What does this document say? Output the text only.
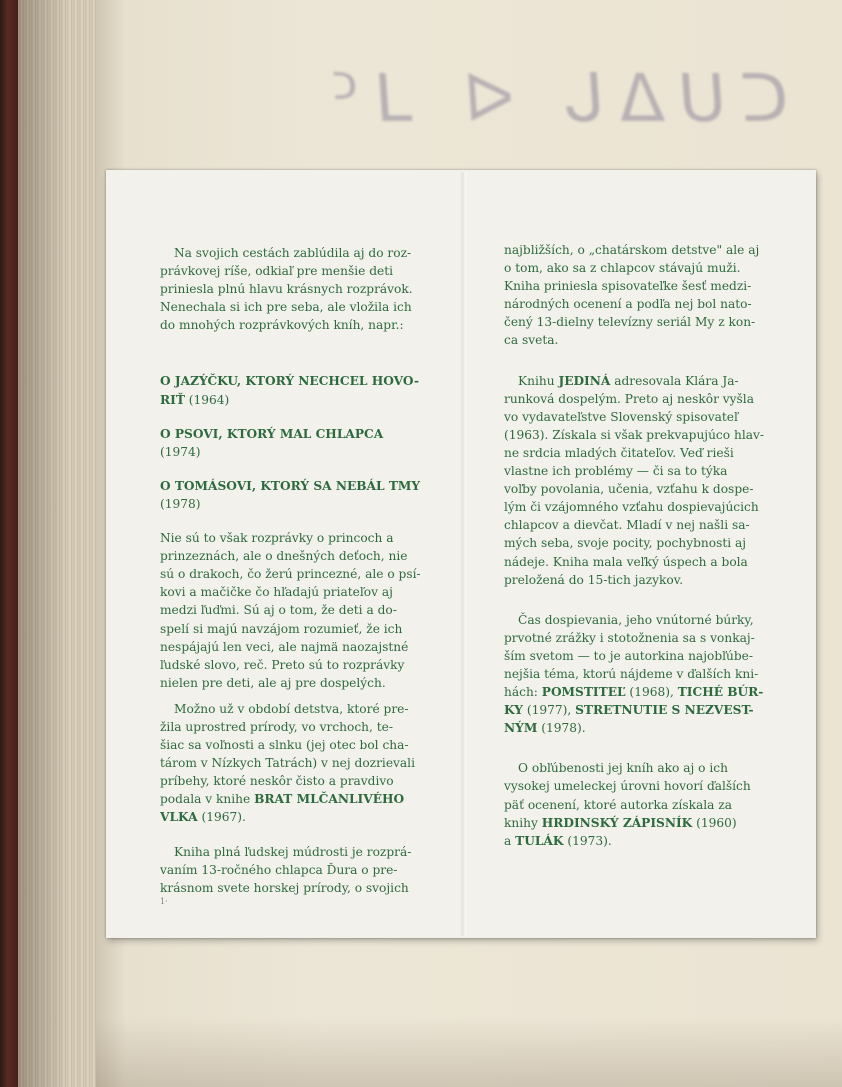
ᑕᑌᐃᒐ ᐊ ᒧᑦ

Na svojich cestách zablúdila aj do roz-

právkovej ríše, odkiaľ pre menšie deti

priniesla plnú hlavu krásnych rozprávok.

Nenechala si ich pre seba, ale vložila ich

do mnohých rozprávkových kníh, napr.:

O JAZÝČKU, KTORÝ NECHCEL HOVO-

RIŤ (1964)

O PSOVI, KTORÝ MAL CHLAPCA

(1974)

O TOMÁSOVI, KTORÝ SA NEBÁL TMY

(1978)

Nie sú to však rozprávky o princoch a

prinzeznách, ale o dnešných deťoch, nie

sú o drakoch, čo žerú princezné, ale o psí-

kovi a mačičke čo hľadajú priateľov aj

medzi ľuďmi. Sú aj o tom, že deti a do-

spelí si majú navzájom rozumieť, že ich

nespájajú len veci, ale najmä naozajstné

ľudské slovo, reč. Preto sú to rozprávky

nielen pre deti, ale aj pre dospelých.

Možno už v období detstva, ktoré pre-

žila uprostred prírody, vo vrchoch, te-

šiac sa voľnosti a slnku (jej otec bol cha-

tárom v Nízkych Tatrách) v nej dozrievali

príbehy, ktoré neskôr čisto a pravdivo

podala v knihe BRAT MLČANLIVÉHO

VLKA (1967).

Kniha plná ľudskej múdrosti je rozprá-

vaním 13-ročného chlapca Ďura o pre-

krásnom svete horskej prírody, o svojich

1·

najbližších, o „chatárskom detstve" ale aj

o tom, ako sa z chlapcov stávajú muži.

Kniha priniesla spisovateľke šesť medzi-

národných ocenení a podľa nej bol nato-

čený 13-dielny televízny seriál My z kon-

ca sveta.

Knihu JEDINÁ adresovala Klára Ja-

runková dospelým. Preto aj neskôr vyšla

vo vydavateľstve Slovenský spisovateľ

(1963). Získala si však prekvapujúco hlav-

ne srdcia mladých čitateľov. Veď rieši

vlastne ich problémy — či sa to týka

voľby povolania, učenia, vzťahu k dospe-

lým či vzájomného vzťahu dospievajúcich

chlapcov a dievčat. Mladí v nej našli sa-

mých seba, svoje pocity, pochybnosti aj

nádeje. Kniha mala veľký úspech a bola

preložená do 15-tich jazykov.

Čas dospievania, jeho vnútorné búrky,

prvotné zrážky i stotožnenia sa s vonkaj-

ším svetom — to je autorkina najobľúbe-

nejšia téma, ktorú nájdeme v ďalších kni-

hách: POMSTITEĽ (1968), TICHÉ BÚR-

KY (1977), STRETNUTIE S NEZVEST-

NÝM (1978).

O obľúbenosti jej kníh ako aj o ich

vysokej umeleckej úrovni hovorí ďalších

päť ocenení, ktoré autorka získala za

knihy HRDINSKÝ ZÁPISNÍK (1960)

a TULÁK (1973).
